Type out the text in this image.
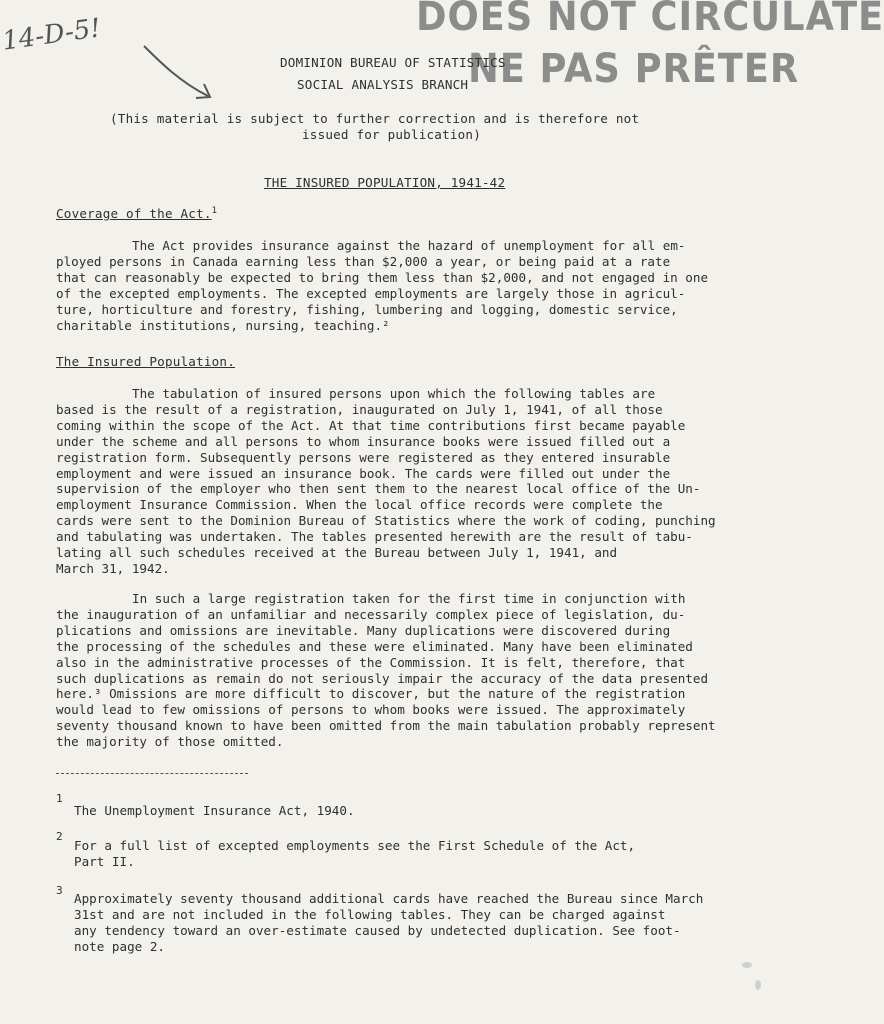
14-D-5!	DOES NOT CIRCULATE
NE PAS PRÊTER
DOMINION BUREAU OF STATISTICS
SOCIAL ANALYSIS BRANCH
(This material is subject to further correction and is therefore not
issued for publication)
THE INSURED POPULATION, 1941-42
Coverage of the Act.$^1$
The Act provides insurance against the hazard of unemployment for all em-
ployed persons in Canada earning less than $2,000 a year, or being paid at a rate
that can reasonably be expected to bring them less than $2,000, and not engaged in one
of the excepted employments. The excepted employments are largely those in agricul-
ture, horticulture and forestry, fishing, lumbering and logging, domestic service,
charitable institutions, nursing, teaching.²
The Insured Population.
The tabulation of insured persons upon which the following tables are
based is the result of a registration, inaugurated on July 1, 1941, of all those
coming within the scope of the Act. At that time contributions first became payable
under the scheme and all persons to whom insurance books were issued filled out a
registration form. Subsequently persons were registered as they entered insurable
employment and were issued an insurance book. The cards were filled out under the
supervision of the employer who then sent them to the nearest local office of the Un-
employment Insurance Commission. When the local office records were complete the
cards were sent to the Dominion Bureau of Statistics where the work of coding, punching
and tabulating was undertaken. The tables presented herewith are the result of tabu-
lating all such schedules received at the Bureau between July 1, 1941, and
March 31, 1942.
In such a large registration taken for the first time in conjunction with
the inauguration of an unfamiliar and necessarily complex piece of legislation, du-
plications and omissions are inevitable. Many duplications were discovered during
the processing of the schedules and these were eliminated. Many have been eliminated
also in the administrative processes of the Commission. It is felt, therefore, that
such duplications as remain do not seriously impair the accuracy of the data presented
here.³ Omissions are more difficult to discover, but the nature of the registration
would lead to few omissions of persons to whom books were issued. The approximately
seventy thousand known to have been omitted from the main tabulation probably represent
the majority of those omitted.
1
The Unemployment Insurance Act, 1940.
2
For a full list of excepted employments see the First Schedule of the Act,
Part II.
3
Approximately seventy thousand additional cards have reached the Bureau since March
31st and are not included in the following tables. They can be charged against
any tendency toward an over-estimate caused by undetected duplication. See foot-
note page 2.
